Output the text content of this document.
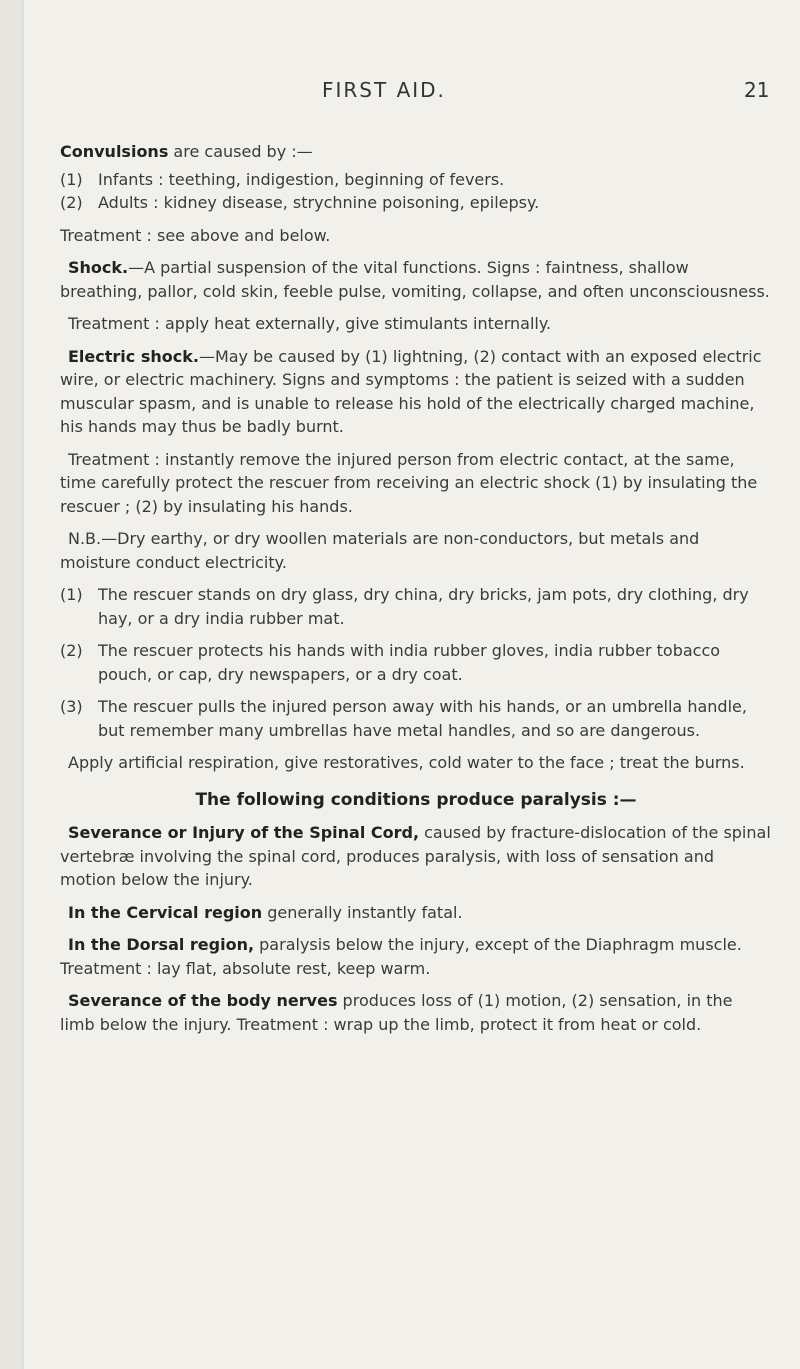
FIRST AID.	21

Convulsions are caused by :—

(1) Infants : teething, indigestion, beginning of fevers.
(2) Adults : kidney disease, strychnine poisoning, epilepsy.

Treatment : see above and below.

Shock.—A partial suspension of the vital functions. Signs : faintness, shallow breathing, pallor, cold skin, feeble pulse, vomiting, collapse, and often unconsciousness.

Treatment : apply heat externally, give stimulants internally.

Electric shock.—May be caused by (1) lightning, (2) contact with an exposed electric wire, or electric machinery. Signs and symptoms : the patient is seized with a sudden muscular spasm, and is unable to release his hold of the electrically charged machine, his hands may thus be badly burnt.

Treatment : instantly remove the injured person from electric contact, at the same, time carefully protect the rescuer from receiving an electric shock (1) by insulating the rescuer ; (2) by insulating his hands.

N.B.—Dry earthy, or dry woollen materials are non-conductors, but metals and moisture conduct electricity.

(1) The rescuer stands on dry glass, dry china, dry bricks, jam pots, dry clothing, dry hay, or a dry india rubber mat.
(2) The rescuer protects his hands with india rubber gloves, india rubber tobacco pouch, or cap, dry newspapers, or a dry coat.
(3) The rescuer pulls the injured person away with his hands, or an umbrella handle, but remember many umbrellas have metal handles, and so are dangerous.

Apply artificial respiration, give restoratives, cold water to the face ; treat the burns.

The following conditions produce paralysis :—

Severance or Injury of the Spinal Cord, caused by fracture-dislocation of the spinal vertebræ involving the spinal cord, produces paralysis, with loss of sensation and motion below the injury.

In the Cervical region generally instantly fatal.

In the Dorsal region, paralysis below the injury, except of the Diaphragm muscle. Treatment : lay flat, absolute rest, keep warm.

Severance of the body nerves produces loss of (1) motion, (2) sensation, in the limb below the injury. Treatment : wrap up the limb, protect it from heat or cold.
